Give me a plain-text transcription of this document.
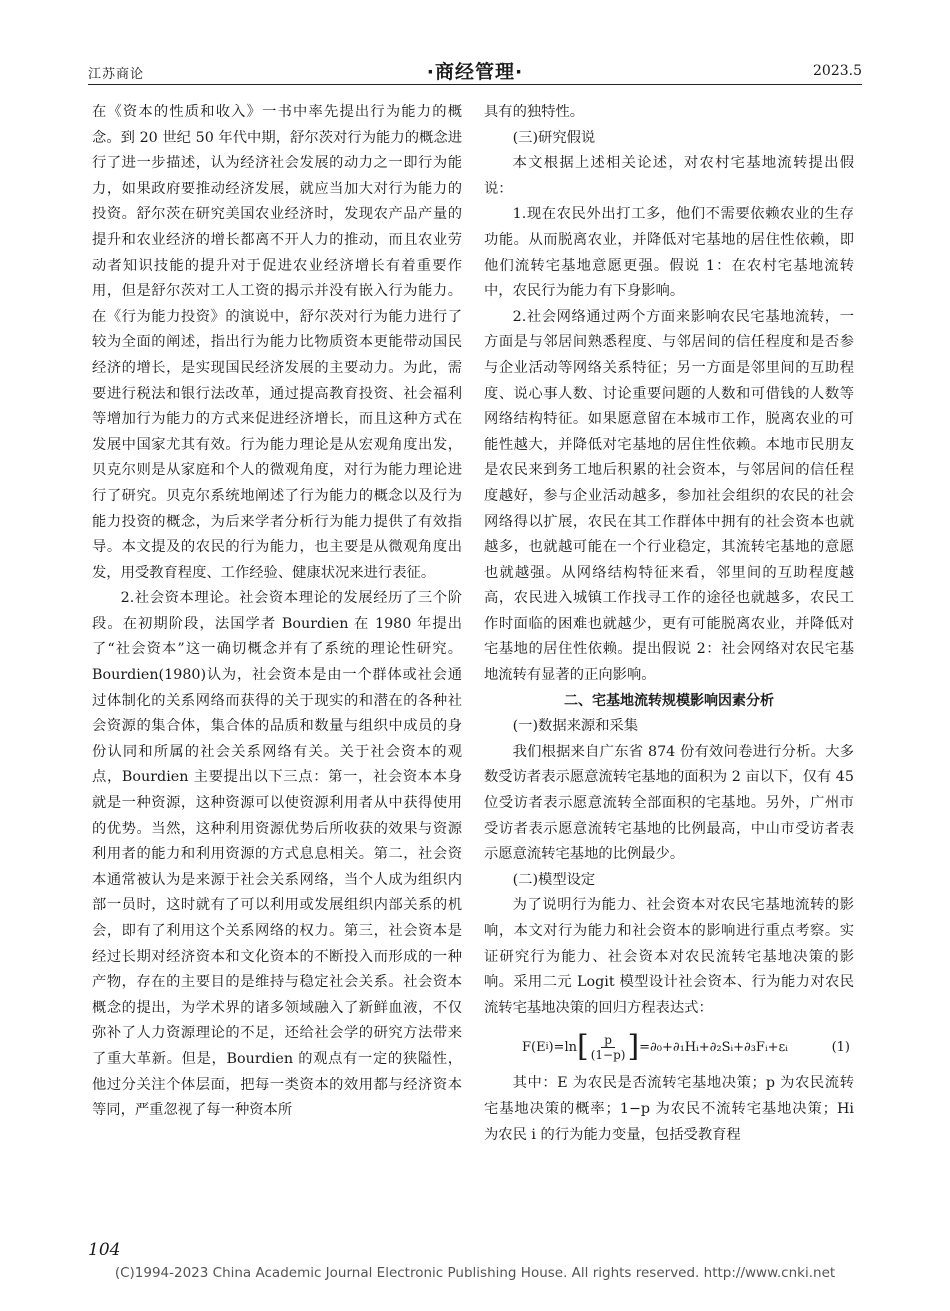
江苏商论	·商经管理·	2023.5

在《资本的性质和收入》一书中率先提出行为能力的概念。到 20 世纪 50 年代中期，舒尔茨对行为能力的概念进行了进一步描述，认为经济社会发展的动力之一即行为能力，如果政府要推动经济发展，就应当加大对行为能力的投资。舒尔茨在研究美国农业经济时，发现农产品产量的提升和农业经济的增长都离不开人力的推动，而且农业劳动者知识技能的提升对于促进农业经济增长有着重要作用，但是舒尔茨对工人工资的揭示并没有嵌入行为能力。在《行为能力投资》的演说中，舒尔茨对行为能力进行了较为全面的阐述，指出行为能力比物质资本更能带动国民经济的增长，是实现国民经济发展的主要动力。为此，需要进行税法和银行法改革，通过提高教育投资、社会福利等增加行为能力的方式来促进经济增长，而且这种方式在发展中国家尤其有效。行为能力理论是从宏观角度出发，贝克尔则是从家庭和个人的微观角度，对行为能力理论进行了研究。贝克尔系统地阐述了行为能力的概念以及行为能力投资的概念，为后来学者分析行为能力提供了有效指导。本文提及的农民的行为能力，也主要是从微观角度出发，用受教育程度、工作经验、健康状况来进行表征。

2.社会资本理论。社会资本理论的发展经历了三个阶段。在初期阶段，法国学者 Bourdien 在 1980 年提出了“社会资本”这一确切概念并有了系统的理论性研究。Bourdien(1980)认为，社会资本是由一个群体或社会通过体制化的关系网络而获得的关于现实的和潜在的各种社会资源的集合体，集合体的品质和数量与组织中成员的身份认同和所属的社会关系网络有关。关于社会资本的观点，Bourdien 主要提出以下三点：第一，社会资本本身就是一种资源，这种资源可以使资源利用者从中获得使用的优势。当然，这种利用资源优势后所收获的效果与资源利用者的能力和利用资源的方式息息相关。第二，社会资本通常被认为是来源于社会关系网络，当个人成为组织内部一员时，这时就有了可以利用或发展组织内部关系的机会，即有了利用这个关系网络的权力。第三，社会资本是经过长期对经济资本和文化资本的不断投入而形成的一种产物，存在的主要目的是维持与稳定社会关系。社会资本概念的提出，为学术界的诸多领域融入了新鲜血液，不仅弥补了人力资源理论的不足，还给社会学的研究方法带来了重大革新。但是，Bourdien 的观点有一定的狭隘性，他过分关注个体层面，把每一类资本的效用都与经济资本等同，严重忽视了每一种资本所

具有的独特性。

(三)研究假说

本文根据上述相关论述，对农村宅基地流转提出假说：

1.现在农民外出打工多，他们不需要依赖农业的生存功能。从而脱离农业，并降低对宅基地的居住性依赖，即他们流转宅基地意愿更强。假说 1：在农村宅基地流转中，农民行为能力有下身影响。

2.社会网络通过两个方面来影响农民宅基地流转，一方面是与邻居间熟悉程度、与邻居间的信任程度和是否参与企业活动等网络关系特征；另一方面是邻里间的互助程度、说心事人数、讨论重要问题的人数和可借钱的人数等网络结构特征。如果愿意留在本城市工作，脱离农业的可能性越大，并降低对宅基地的居住性依赖。本地市民朋友是农民来到务工地后积累的社会资本，与邻居间的信任程度越好，参与企业活动越多，参加社会组织的农民的社会网络得以扩展，农民在其工作群体中拥有的社会资本也就越多，也就越可能在一个行业稳定，其流转宅基地的意愿也就越强。从网络结构特征来看，邻里间的互助程度越高，农民进入城镇工作找寻工作的途径也就越多，农民工作时面临的困难也就越少，更有可能脱离农业，并降低对宅基地的居住性依赖。提出假说 2：社会网络对农民宅基地流转有显著的正向影响。

二、宅基地流转规模影响因素分析

(一)数据来源和采集

我们根据来自广东省 874 份有效问卷进行分析。大多数受访者表示愿意流转宅基地的面积为 2 亩以下，仅有 45 位受访者表示愿意流转全部面积的宅基地。另外，广州市受访者表示愿意流转宅基地的比例最高，中山市受访者表示愿意流转宅基地的比例最少。

(二)模型设定

为了说明行为能力、社会资本对农民宅基地流转的影响，本文对行为能力和社会资本的影响进行重点考察。实证研究行为能力、社会资本对农民流转宅基地决策的影响。采用二元 Logit 模型设计社会资本、行为能力对农民流转宅基地决策的回归方程表达式：

F(E i )=ln [ $\frac{p}{(1-p)}$ ] =∂₀+∂₁Hᵢ+∂₂Sᵢ+∂₃Fᵢ+εᵢ	(1)

其中：E 为农民是否流转宅基地决策；p 为农民流转宅基地决策的概率；1−p 为农民不流转宅基地决策；Hi 为农民 i 的行为能力变量，包括受教育程

104
(C)1994-2023 China Academic Journal Electronic Publishing House. All rights reserved. http://www.cnki.net
